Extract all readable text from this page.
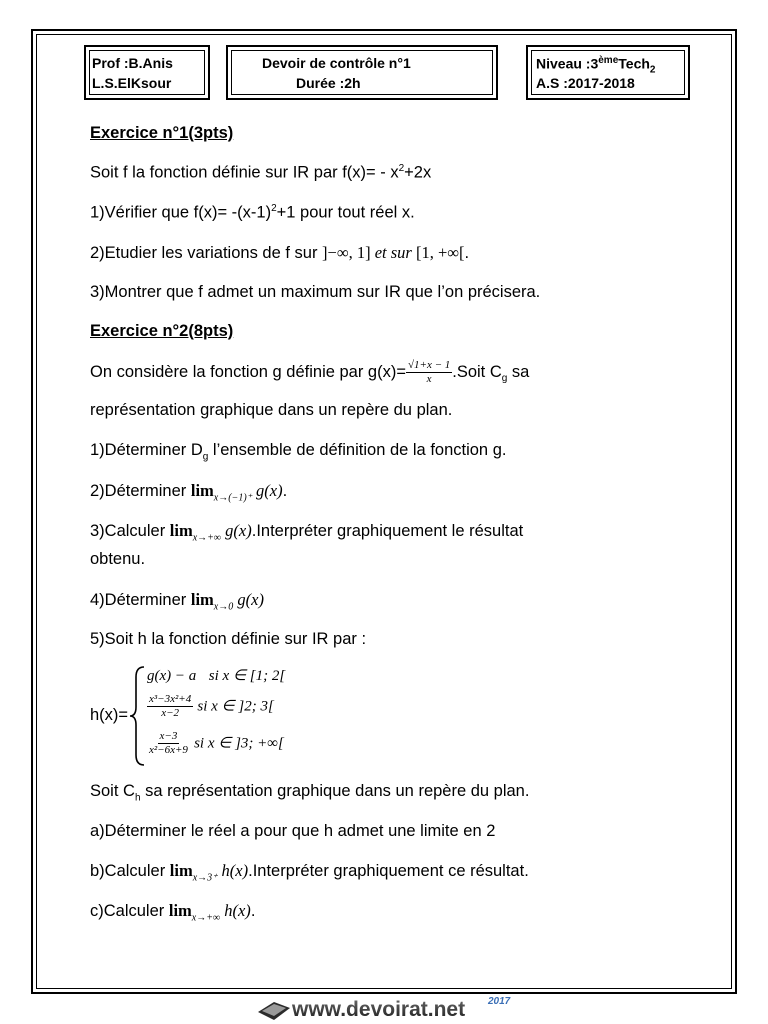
Prof :B.Anis
L.S.ElKsour
Devoir de contrôle n°1
Durée :2h
Niveau :3èmeTech$_2$
A.S :2017-2018
Exercice n°1(3pts)
Soit f la fonction définie sur IR par $f(x)= - x^2+2x$
1)Vérifier que $f(x)= -(x-1)^2+1$ pour tout réel x.
2)Etudier les variations de f sur ]−∞, 1] et sur [1, +∞[.
3)Montrer que f admet un maximum sur IR que l’on précisera.
Exercice n°2(8pts)
On considère la fonction g définie par $g(x)= \frac{√1+x - 1}{x}$ .Soit $C_g$ sa
représentation graphique dans un repère du plan.
1)Déterminer $D_g$ l’ensemble de définition de la fonction g.
2)Déterminer $\lim_{x\to(-1)^+} g(x)$.
3)Calculer $\lim_{x\to+\infty}$ g(x).Interpréter graphiquement le résultat
obtenu.
4)Déterminer $\lim_{x\to 0} g(x)$
5)Soit h la fonction définie sur IR par :
h(x)=
g(x) − a si x ∈ [1; 2[
$\frac{\text{x³−3x²+4}}{x-2}$ si x ∈ ]2; 3[
$\frac{x-3}{\text{x²−6x+9}}$ si x ∈ ]3; +∞[
Soit $C_h$ sa représentation graphique dans un repère du plan.
a)Déterminer le réel a pour que h admet une limite en 2
b)Calculer $\lim_{x\to 3^+}$ h(x).Interpréter graphiquement ce résultat.
c)Calculer $\lim_{x\to+\infty} h(x)$.
www.devoirat.net 2017
